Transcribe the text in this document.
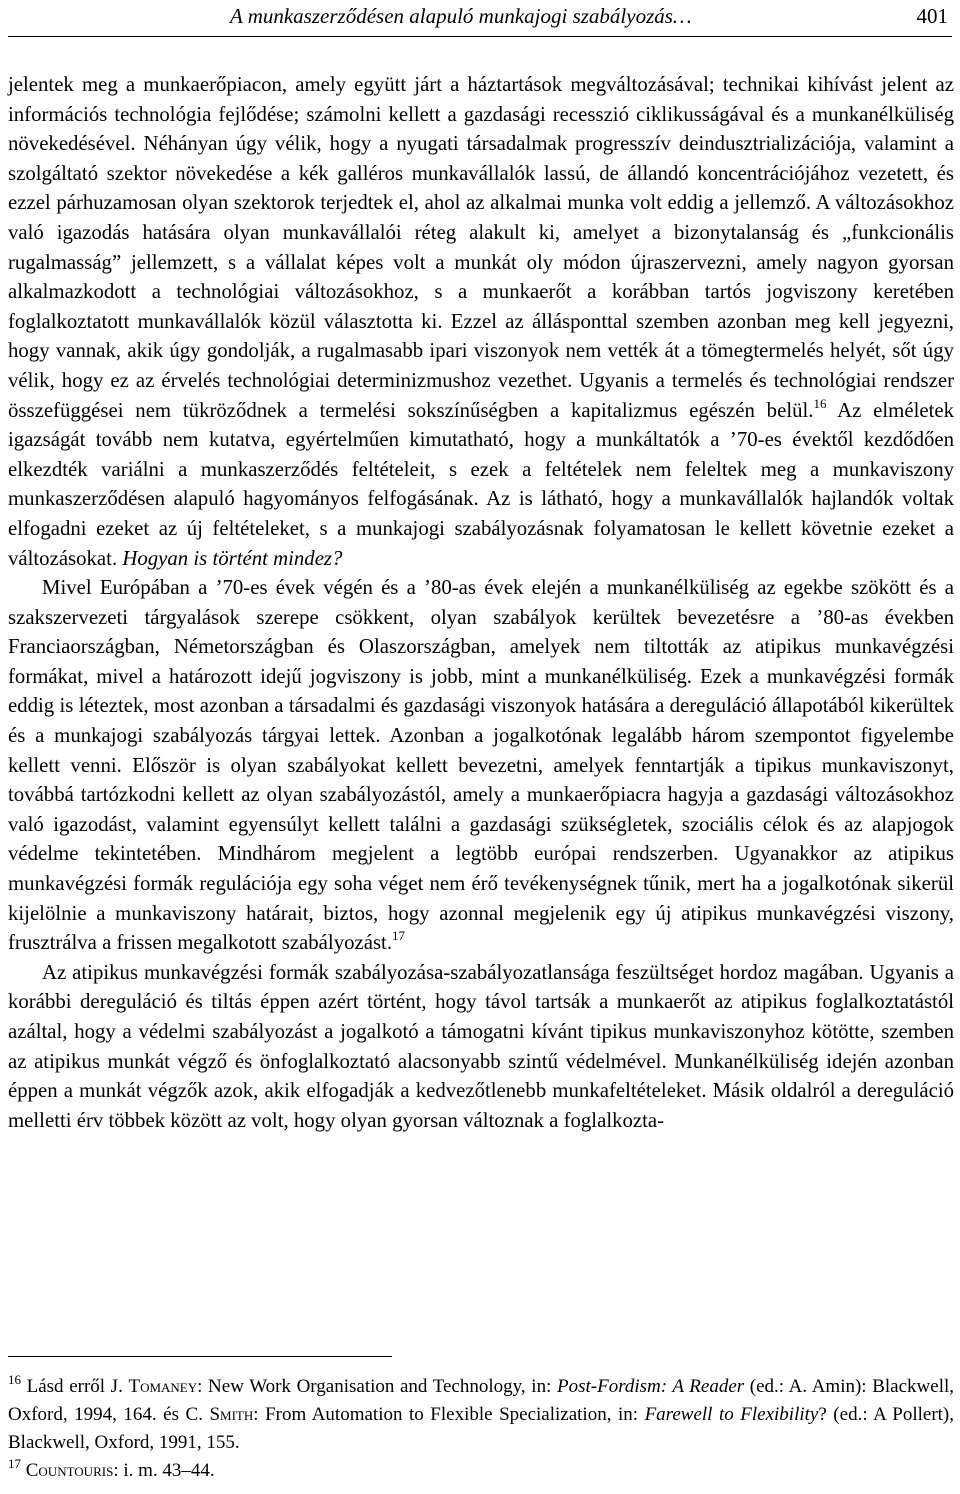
A munkaszerződésen alapuló munkajogi szabályozás…	401

jelentek meg a munkaerőpiacon, amely együtt járt a háztartások megváltozásával; technikai kihívást jelent az információs technológia fejlődése; számolni kellett a gazdasági recesszió ciklikusságával és a munkanélküliség növekedésével. Néhányan úgy vélik, hogy a nyugati társadalmak progresszív deindusztrializációja, valamint a szolgáltató szektor növekedése a kék galléros munkavállalók lassú, de állandó koncentrációjához vezetett, és ezzel párhuzamosan olyan szektorok terjedtek el, ahol az alkalmai munka volt eddig a jellemző. A változásokhoz való igazodás hatására olyan munkavállalói réteg alakult ki, amelyet a bizonytalanság és „funkcionális rugalmasság” jellemzett, s a vállalat képes volt a munkát oly módon újraszervezni, amely nagyon gyorsan alkalmazkodott a technológiai változásokhoz, s a munkaerőt a korábban tartós jogviszony keretében foglalkoztatott munkavállalók közül választotta ki. Ezzel az állásponttal szemben azonban meg kell jegyezni, hogy vannak, akik úgy gondolják, a rugalmasabb ipari viszonyok nem vették át a tömegtermelés helyét, sőt úgy vélik, hogy ez az érvelés technológiai determinizmushoz vezethet. Ugyanis a termelés és technológiai rendszer összefüggései nem tükröződnek a termelési sokszínűségben a kapitalizmus egészén belül.$^{16}$ Az elméletek igazságát tovább nem kutatva, egyértelműen kimutatható, hogy a munkáltatók a ’70-es évektől kezdődően elkezdték variálni a munkaszerződés feltételeit, s ezek a feltételek nem feleltek meg a munkaviszony munkaszerződésen alapuló hagyományos felfogásának. Az is látható, hogy a munkavállalók hajlandók voltak elfogadni ezeket az új feltételeket, s a munkajogi szabályozásnak folyamatosan le kellett követnie ezeket a változásokat. Hogyan is történt mindez?

Mivel Európában a ’70-es évek végén és a ’80-as évek elején a munkanélküliség az egekbe szökött és a szakszervezeti tárgyalások szerepe csökkent, olyan szabályok kerültek bevezetésre a ’80-as években Franciaországban, Németországban és Olaszországban, amelyek nem tiltották az atipikus munkavégzési formákat, mivel a határozott idejű jogviszony is jobb, mint a munkanélküliség. Ezek a munkavégzési formák eddig is léteztek, most azonban a társadalmi és gazdasági viszonyok hatására a dereguláció állapotából kikerültek és a munkajogi szabályozás tárgyai lettek. Azonban a jogalkotónak legalább három szempontot figyelembe kellett venni. Először is olyan szabályokat kellett bevezetni, amelyek fenntartják a tipikus munkaviszonyt, továbbá tartózkodni kellett az olyan szabályozástól, amely a munkaerőpiacra hagyja a gazdasági változásokhoz való igazodást, valamint egyensúlyt kellett találni a gazdasági szükségletek, szociális célok és az alapjogok védelme tekintetében. Mindhárom megjelent a legtöbb európai rendszerben. Ugyanakkor az atipikus munkavégzési formák regulációja egy soha véget nem érő tevékenységnek tűnik, mert ha a jogalkotónak sikerül kijelölnie a munkaviszony határait, biztos, hogy azonnal megjelenik egy új atipikus munkavégzési viszony, frusztrálva a frissen megalkotott szabályozást.$^{17}$

Az atipikus munkavégzési formák szabályozása-szabályozatlansága feszültséget hordoz magában. Ugyanis a korábbi dereguláció és tiltás éppen azért történt, hogy távol tartsák a munkaerőt az atipikus foglalkoztatástól azáltal, hogy a védelmi szabályozást a jogalkotó a támogatni kívánt tipikus munkaviszonyhoz kötötte, szemben az atipikus munkát végző és önfoglalkoztató alacsonyabb szintű védelmével. Munkanélküliség idején azonban éppen a munkát végzők azok, akik elfogadják a kedvezőtlenebb munkafeltételeket. Másik oldalról a dereguláció melletti érv többek között az volt, hogy olyan gyorsan változnak a foglalkozta-

$^{16}$ Lásd erről J. Tomaney: New Work Organisation and Technology, in: Post-Fordism: A Reader (ed.: A. Amin): Blackwell, Oxford, 1994, 164. és C. Smith: From Automation to Flexible Specialization, in: Farewell to Flexibility? (ed.: A Pollert), Blackwell, Oxford, 1991, 155.

$^{17}$ Countouris: i. m. 43–44.
